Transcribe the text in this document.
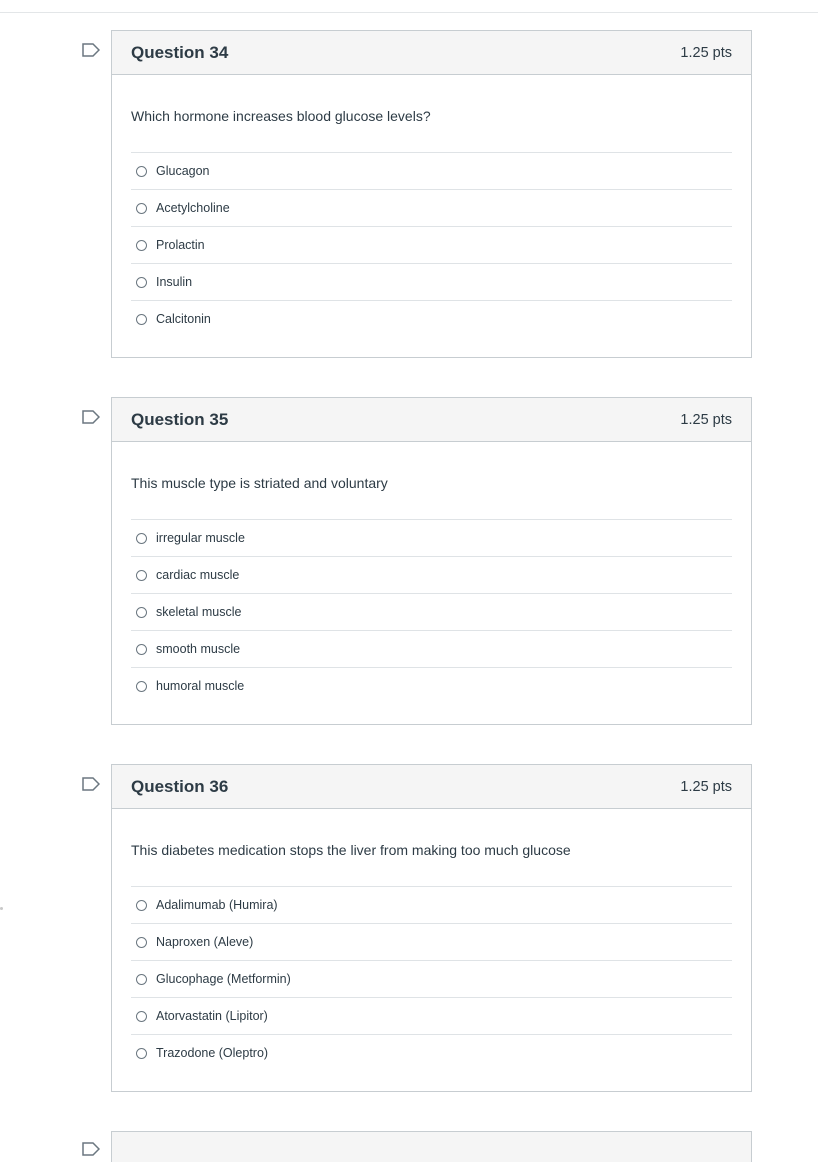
Question 34	1.25 pts
Which hormone increases blood glucose levels?
Glucagon
Acetylcholine
Prolactin
Insulin
Calcitonin
Question 35	1.25 pts
This muscle type is striated and voluntary
irregular muscle
cardiac muscle
skeletal muscle
smooth muscle
humoral muscle
Question 36	1.25 pts
This diabetes medication stops the liver from making too much glucose
Adalimumab (Humira)
Naproxen (Aleve)
Glucophage (Metformin)
Atorvastatin (Lipitor)
Trazodone (Oleptro)
